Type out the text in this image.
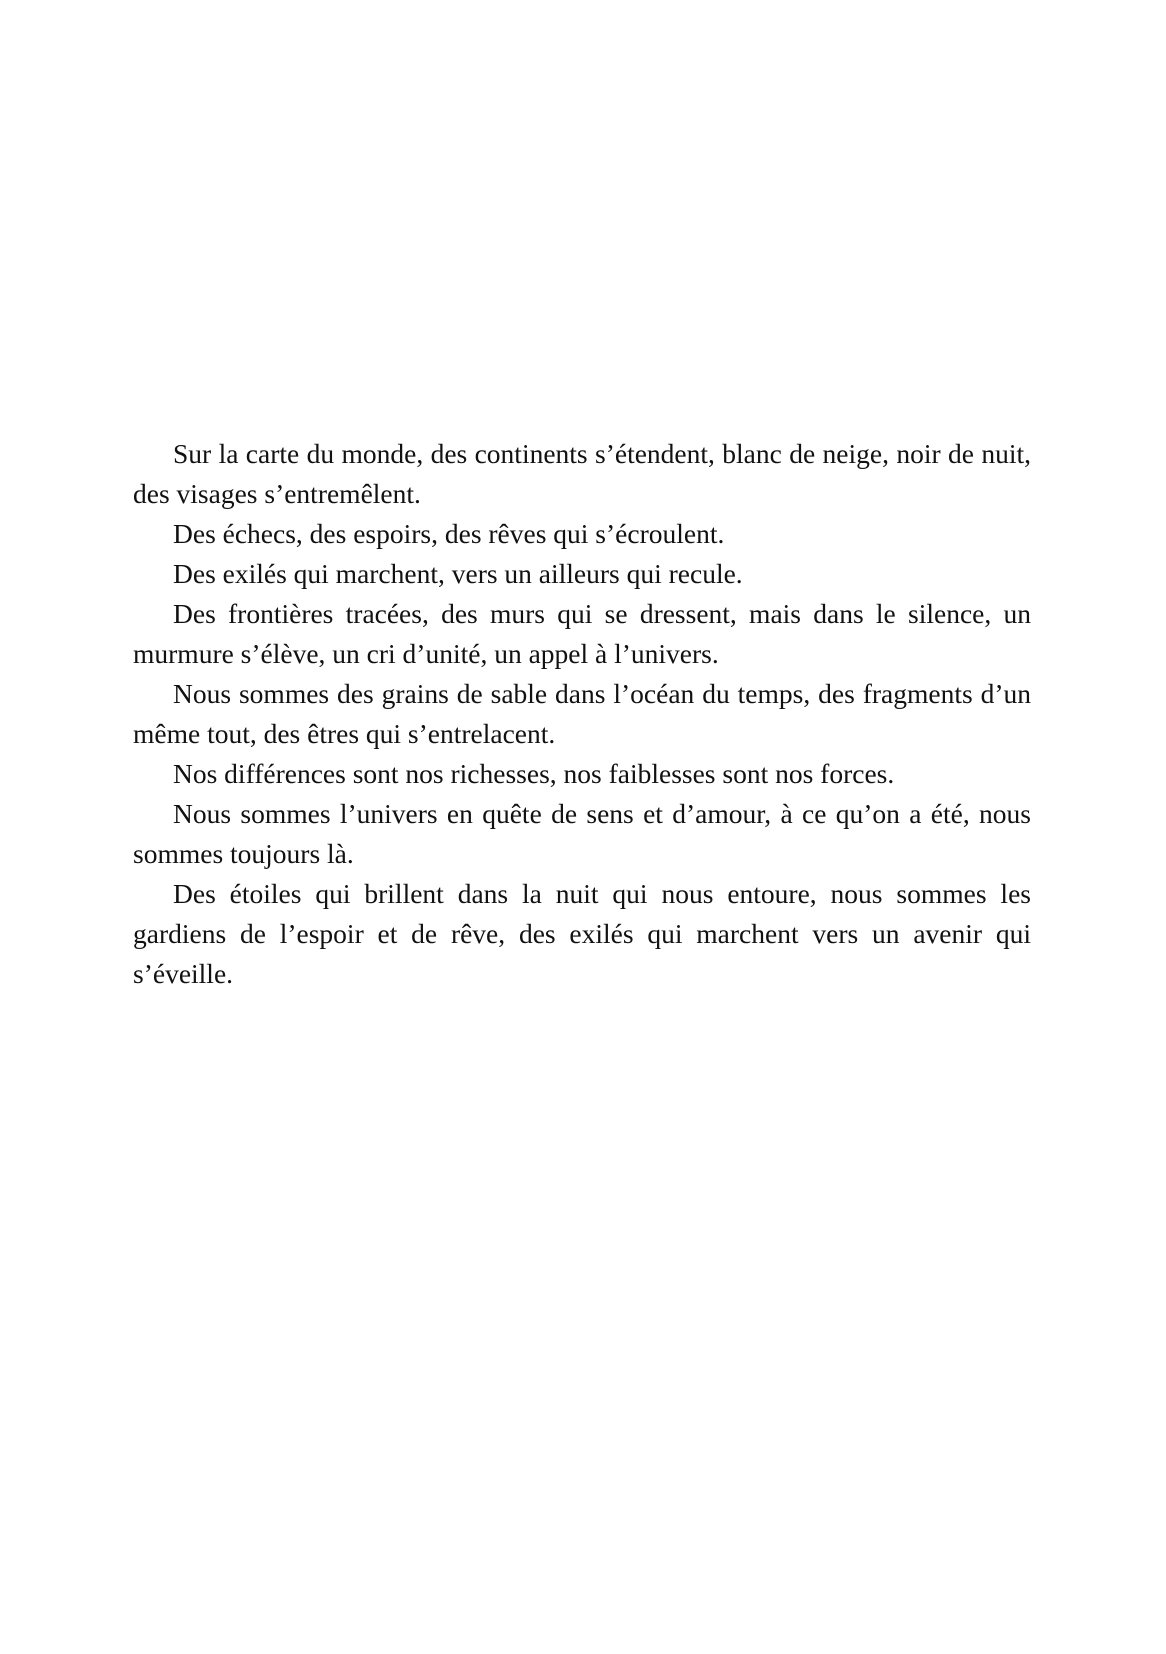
Sur la carte du monde, des continents s’étendent, blanc de neige, noir de nuit, des visages s’entremêlent.

Des échecs, des espoirs, des rêves qui s’écroulent.

Des exilés qui marchent, vers un ailleurs qui recule.

Des frontières tracées, des murs qui se dressent, mais dans le silence, un murmure s’élève, un cri d’unité, un appel à l’univers.

Nous sommes des grains de sable dans l’océan du temps, des fragments d’un même tout, des êtres qui s’entrelacent.

Nos différences sont nos richesses, nos faiblesses sont nos forces.

Nous sommes l’univers en quête de sens et d’amour, à ce qu’on a été, nous sommes toujours là.

Des étoiles qui brillent dans la nuit qui nous entoure, nous sommes les gardiens de l’espoir et de rêve, des exilés qui marchent vers un avenir qui s’éveille.
